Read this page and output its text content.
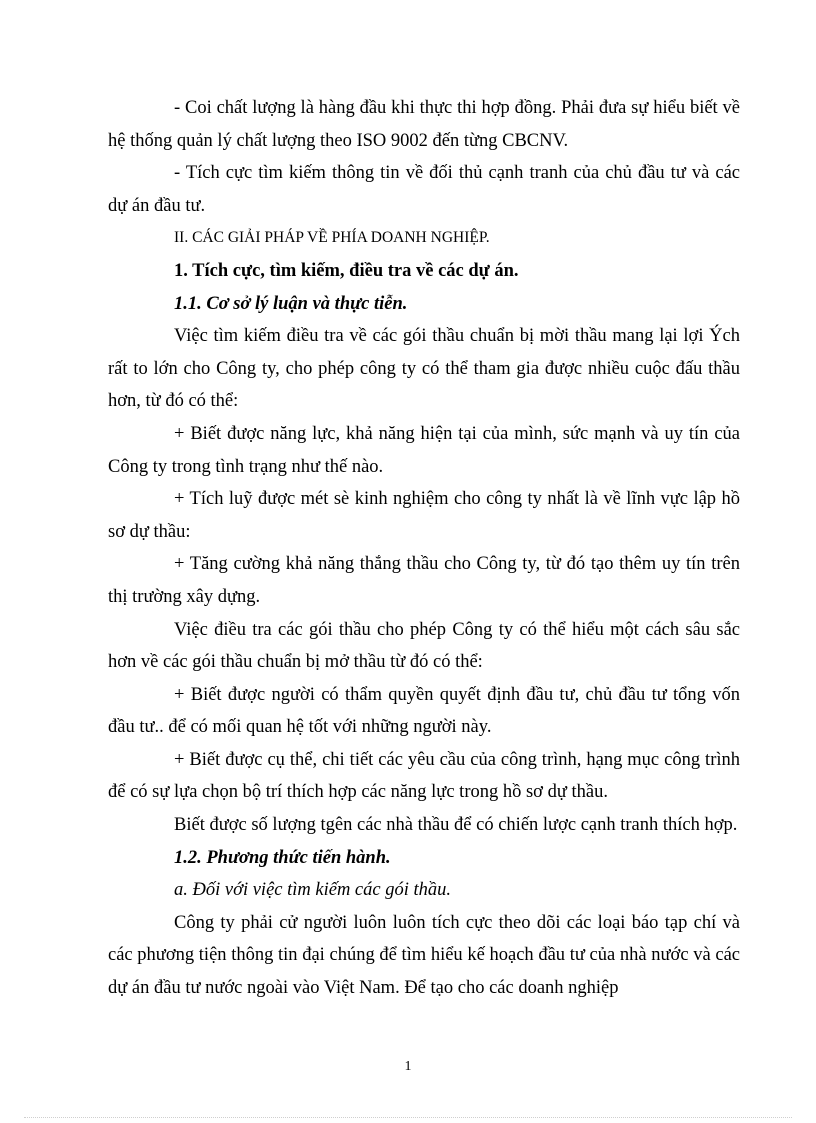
- Coi chất lượng là hàng đầu khi thực thi hợp đồng. Phải đưa sự hiểu biết về hệ thống quản lý chất lượng theo ISO 9002 đến từng CBCNV.

- Tích cực tìm kiếm thông tin về đối thủ cạnh tranh của chủ đầu tư và các dự án đầu tư.

II. CÁC GIẢI PHÁP VỀ PHÍA DOANH NGHIỆP.

1. Tích cực, tìm kiếm, điều tra về các dự án.

1.1. Cơ sở lý luận và thực tiễn.

Việc tìm kiếm điều tra về các gói thầu chuẩn bị mời thầu mang lại lợi Ých rất to lớn cho Công ty, cho phép công ty có thể tham gia được nhiều cuộc đấu thầu hơn, từ đó có thể:

+ Biết được năng lực, khả năng hiện tại của mình, sức mạnh và uy tín của Công ty trong tình trạng như thế nào.

+ Tích luỹ được mét sè kinh nghiệm cho công ty nhất là về lĩnh vực lập hồ sơ dự thầu:

+ Tăng cường khả năng thắng thầu cho Công ty, từ đó tạo thêm uy tín trên thị trường xây dựng.

Việc điều tra các gói thầu cho phép Công ty có thể hiểu một cách sâu sắc hơn về các gói thầu chuẩn bị mở thầu từ đó có thể:

+ Biết được người có thẩm quyền quyết định đầu tư, chủ đầu tư tổng vốn đầu tư.. để có mối quan hệ tốt với những người này.

+ Biết được cụ thể, chi tiết các yêu cầu của công trình, hạng mục công trình để có sự lựa chọn bộ trí thích hợp các năng lực trong hồ sơ dự thầu.

Biết được số lượng tgên các nhà thầu để có chiến lược cạnh tranh thích hợp.

1.2. Phương thức tiến hành.

a. Đối với việc tìm kiếm các gói thầu.

Công ty phải cử người luôn luôn tích cực theo dõi các loại báo tạp chí và các phương tiện thông tin đại chúng để tìm hiểu kế hoạch đầu tư của nhà nước và các dự án đầu tư nước ngoài vào Việt Nam. Để tạo cho các doanh nghiệp

1
